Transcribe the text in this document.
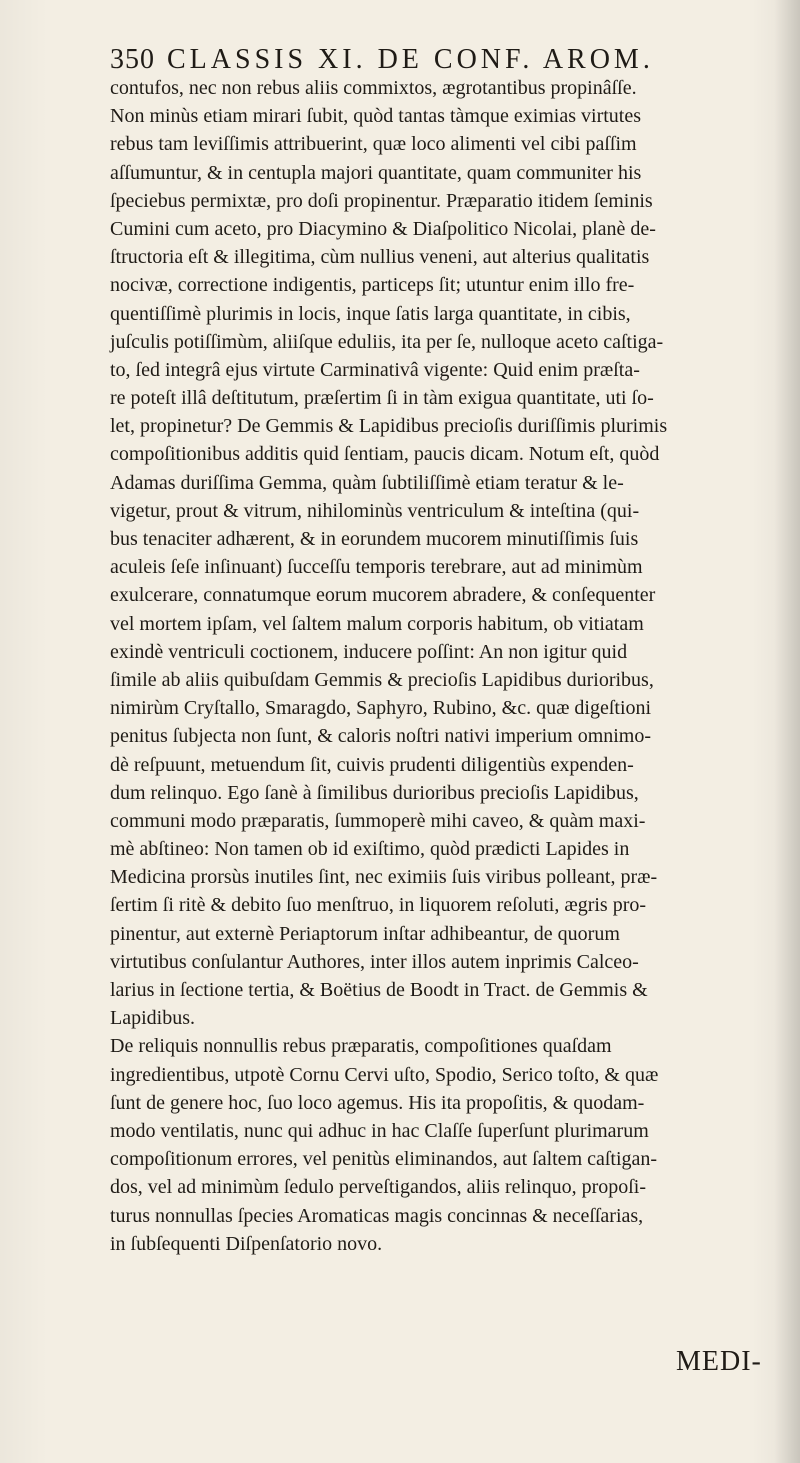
350 CLASSIS XI. DE CONF. AROM.
contufos, nec non rebus aliis commixtos, ægrotantibus propinâſſe.
Non minùs etiam mirari ſubit, quòd tantas tàmque eximias virtutes
rebus tam leviſſimis attribuerint, quæ loco alimenti vel cibi paſſim
aſſumuntur, & in centupla majori quantitate, quam communiter his
ſpeciebus permixtæ, pro doſi propinentur. Præparatio itidem ſeminis
Cumini cum aceto, pro Diacymino & Diaſpolitico Nicolai, planè de-
ſtructoria eſt & illegitima, cùm nullius veneni, aut alterius qualitatis
nocivæ, correctione indigentis, particeps ſit; utuntur enim illo fre-
quentiſſimè plurimis in locis, inque ſatis larga quantitate, in cibis,
juſculis potiſſimùm, aliiſque eduliis, ita per ſe, nulloque aceto caſtiga-
to, ſed integrâ ejus virtute Carminativâ vigente: Quid enim præſta-
re poteſt illâ deſtitutum, præſertim ſi in tàm exigua quantitate, uti ſo-
let, propinetur? De Gemmis & Lapidibus precioſis duriſſimis plurimis
compoſitionibus additis quid ſentiam, paucis dicam. Notum eſt, quòd
Adamas duriſſima Gemma, quàm ſubtiliſſimè etiam teratur & le-
vigetur, prout & vitrum, nihilominùs ventriculum & inteſtina (qui-
bus tenaciter adhærent, & in eorundem mucorem minutiſſimis ſuis
aculeis ſeſe inſinuant) ſucceſſu temporis terebrare, aut ad minimùm
exulcerare, connatumque eorum mucorem abradere, & conſequenter
vel mortem ipſam, vel ſaltem malum corporis habitum, ob vitiatam
exindè ventriculi coctionem, inducere poſſint: An non igitur quid
ſimile ab aliis quibuſdam Gemmis & precioſis Lapidibus durioribus,
nimirùm Cryſtallo, Smaragdo, Saphyro, Rubino, &c. quæ digeſtioni
penitus ſubjecta non ſunt, & caloris noſtri nativi imperium omnimo-
dè reſpuunt, metuendum ſit, cuivis prudenti diligentiùs expenden-
dum relinquo. Ego ſanè à ſimilibus durioribus precioſis Lapidibus,
communi modo præparatis, ſummoperè mihi caveo, & quàm maxi-
mè abſtineo: Non tamen ob id exiſtimo, quòd prædicti Lapides in
Medicina prorsùs inutiles ſint, nec eximiis ſuis viribus polleant, præ-
ſertim ſi ritè & debito ſuo menſtruo, in liquorem reſoluti, ægris pro-
pinentur, aut externè Periaptorum inſtar adhibeantur, de quorum
virtutibus conſulantur Authores, inter illos autem inprimis Calceo-
larius in ſectione tertia, & Boëtius de Boodt in Tract. de Gemmis &
Lapidibus.
De reliquis nonnullis rebus præparatis, compoſitiones quaſdam
ingredientibus, utpotè Cornu Cervi uſto, Spodio, Serico toſto, & quæ
ſunt de genere hoc, ſuo loco agemus. His ita propoſitis, & quodam-
modo ventilatis, nunc qui adhuc in hac Claſſe ſuperſunt plurimarum
compoſitionum errores, vel penitùs eliminandos, aut ſaltem caſtigan-
dos, vel ad minimùm ſedulo perveſtigandos, aliis relinquo, propoſi-
turus nonnullas ſpecies Aromaticas magis concinnas & neceſſarias,
in ſubſequenti Diſpenſatorio novo.
MEDI-
